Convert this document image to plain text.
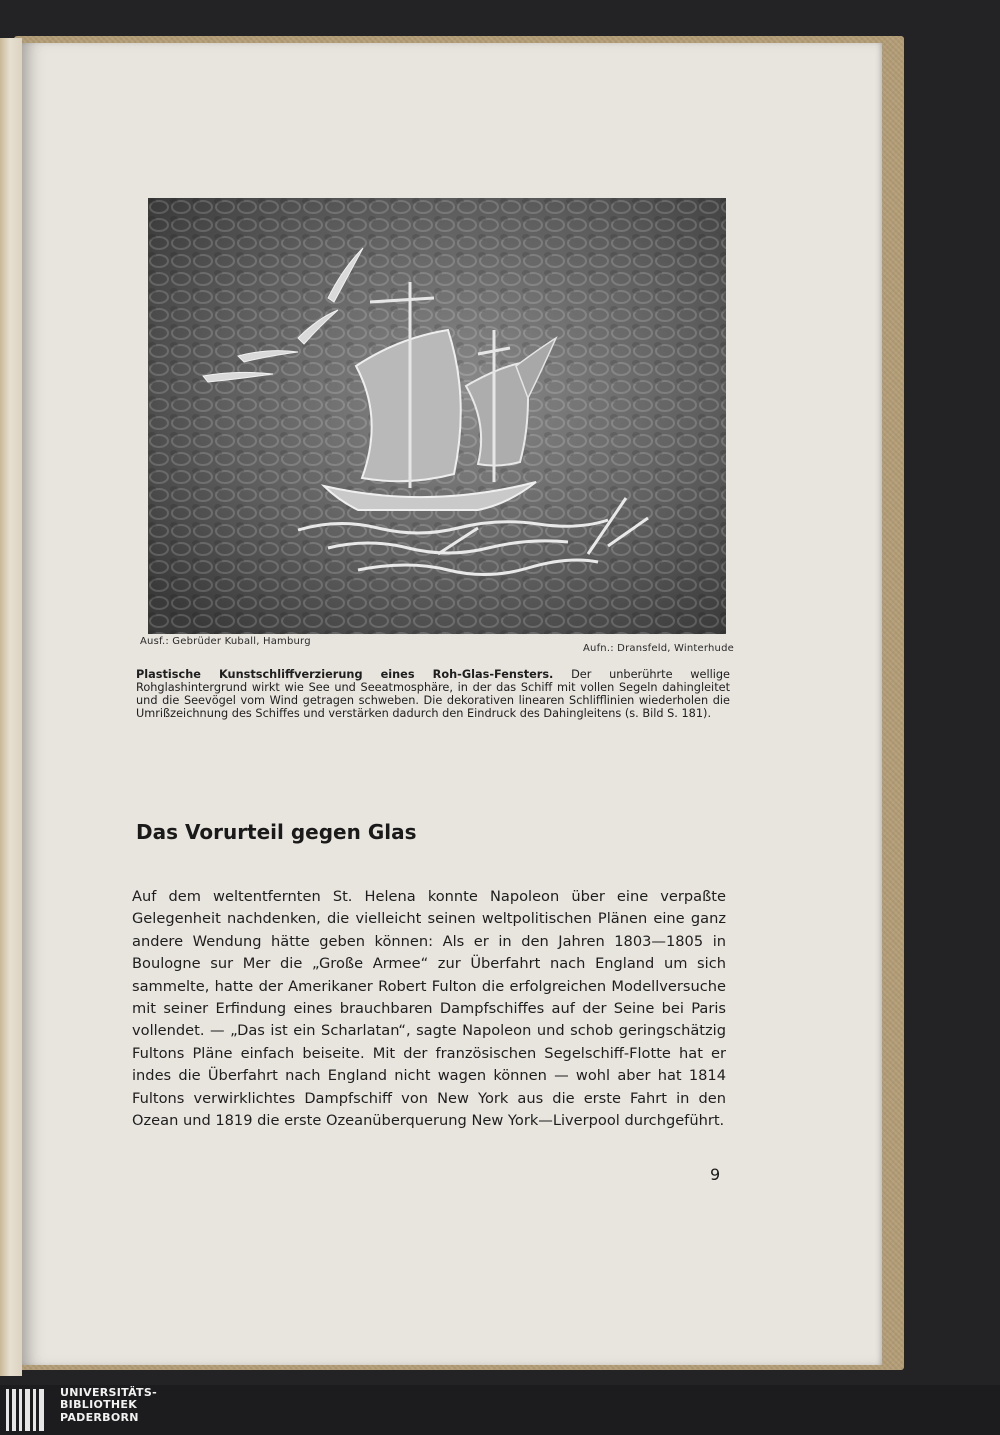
Ausf.: Gebrüder Kuball, Hamburg
Aufn.: Dransfeld, Winterhude
Plastische Kunstschliffverzierung eines Roh-Glas-Fensters. Der unberührte wellige Rohglashintergrund wirkt wie See und Seeatmosphäre, in der das Schiff mit vollen Segeln dahingleitet und die Seevögel vom Wind getragen schweben. Die dekorativen linearen Schlifflinien wiederholen die Umrißzeichnung des Schiffes und verstärken dadurch den Eindruck des Dahingleitens (s. Bild S. 181).
Das Vorurteil gegen Glas

Auf dem weltentfernten St. Helena konnte Napoleon über eine verpaßte Gelegenheit nachdenken, die vielleicht seinen weltpolitischen Plänen eine ganz andere Wendung hätte geben können: Als er in den Jahren 1803—1805 in Boulogne sur Mer die „Große Armee“ zur Überfahrt nach England um sich sammelte, hatte der Amerikaner Robert Fulton die erfolgreichen Modellversuche mit seiner Erfindung eines brauchbaren Dampfschiffes auf der Seine bei Paris vollendet. — „Das ist ein Scharlatan“, sagte Napoleon und schob geringschätzig Fultons Pläne einfach beiseite. Mit der französischen Segelschiff-Flotte hat er indes die Überfahrt nach England nicht wagen können — wohl aber hat 1814 Fultons verwirklichtes Dampfschiff von New York aus die erste Fahrt in den Ozean und 1819 die erste Ozeanüberquerung New York—Liverpool durchgeführt.

9
UNIVERSITÄTS-
BIBLIOTHEK
PADERBORN
